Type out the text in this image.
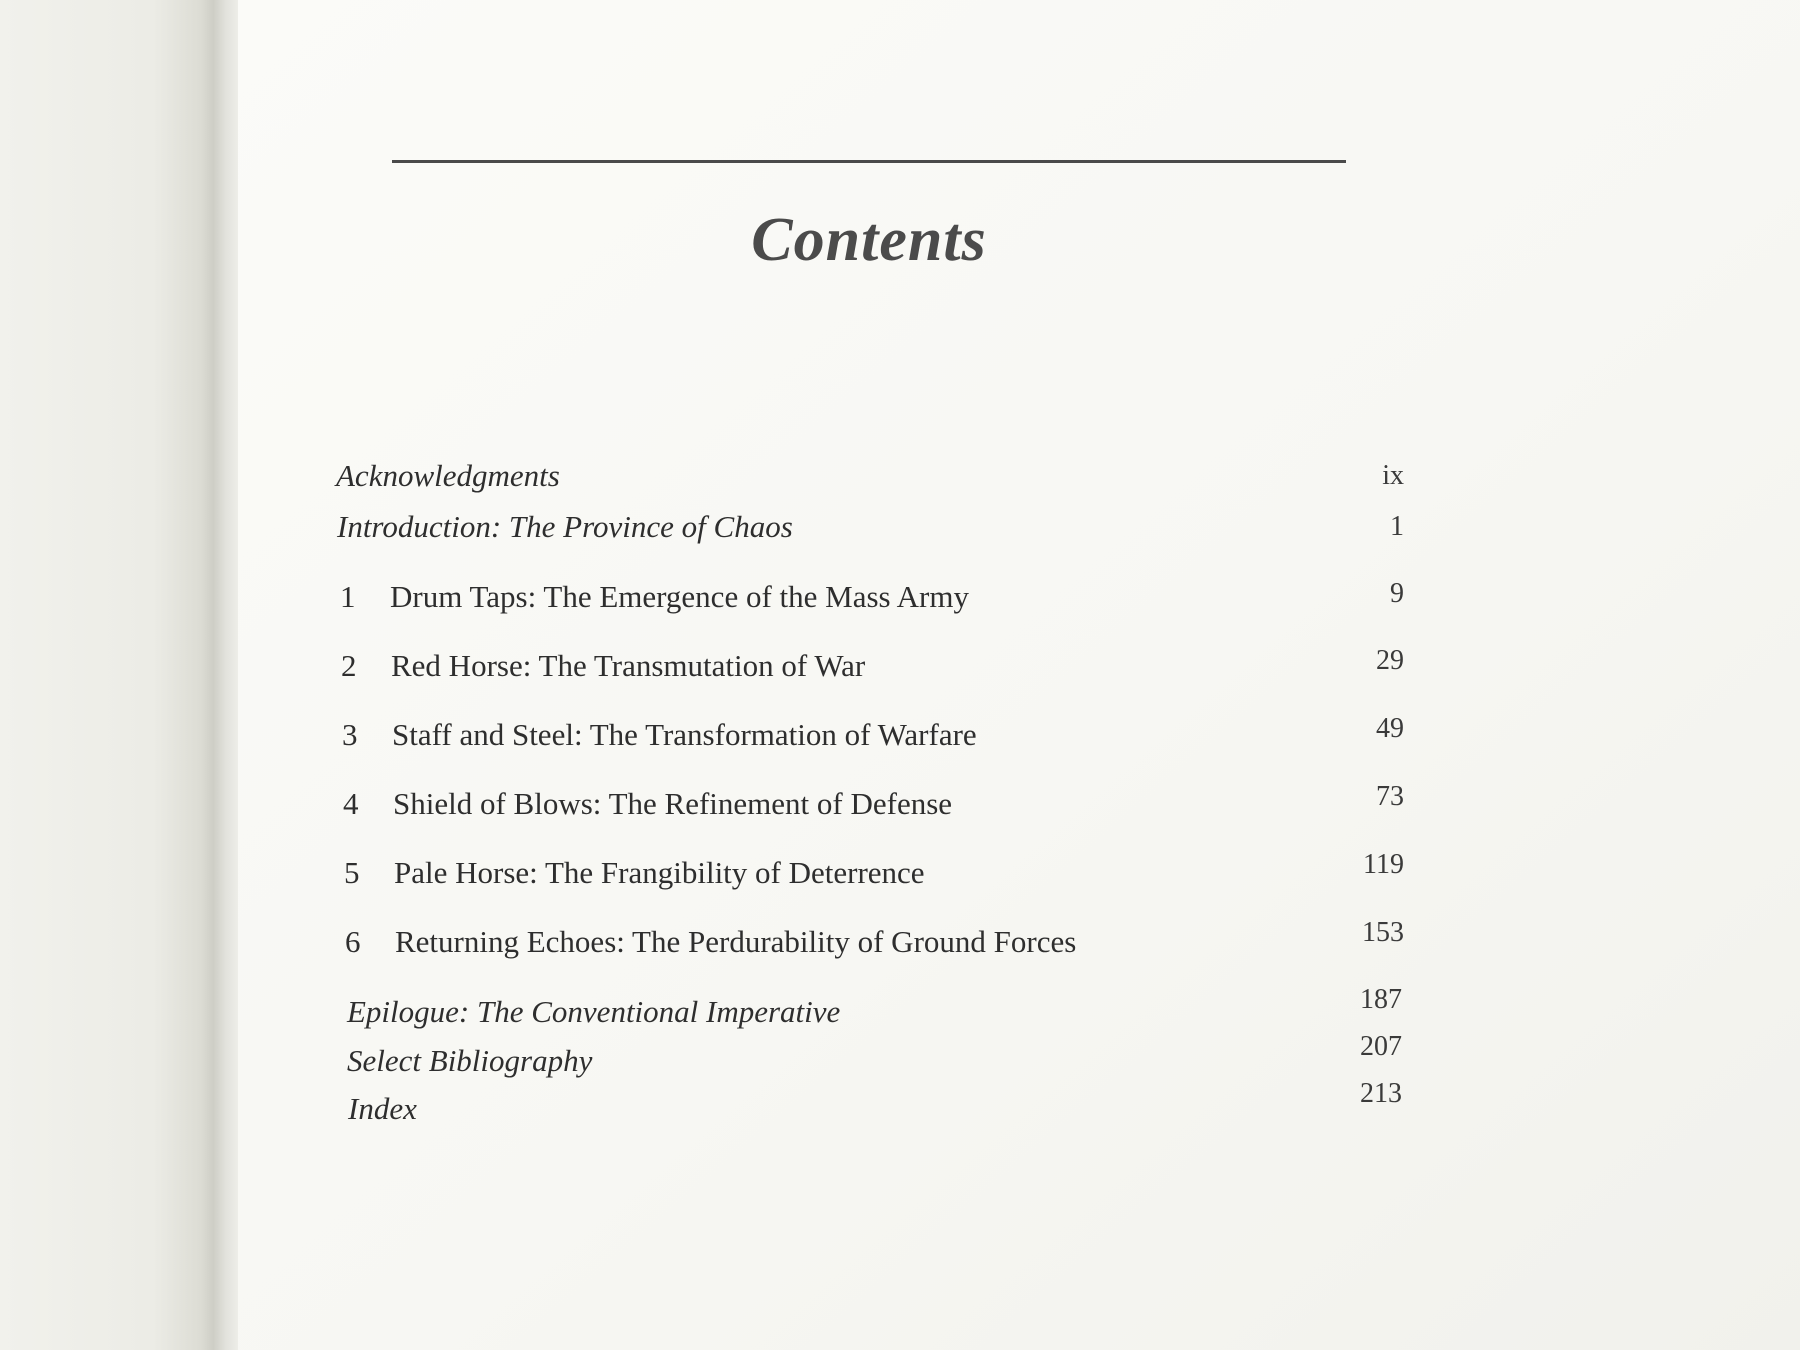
Contents
Acknowledgments	ix
Introduction: The Province of Chaos	1
1 Drum Taps: The Emergence of the Mass Army	9
2 Red Horse: The Transmutation of War	29
3 Staff and Steel: The Transformation of Warfare	49
4 Shield of Blows: The Refinement of Defense	73
5 Pale Horse: The Frangibility of Deterrence	119
6 Returning Echoes: The Perdurability of Ground Forces	153
Epilogue: The Conventional Imperative	187
Select Bibliography	207
Index	213
